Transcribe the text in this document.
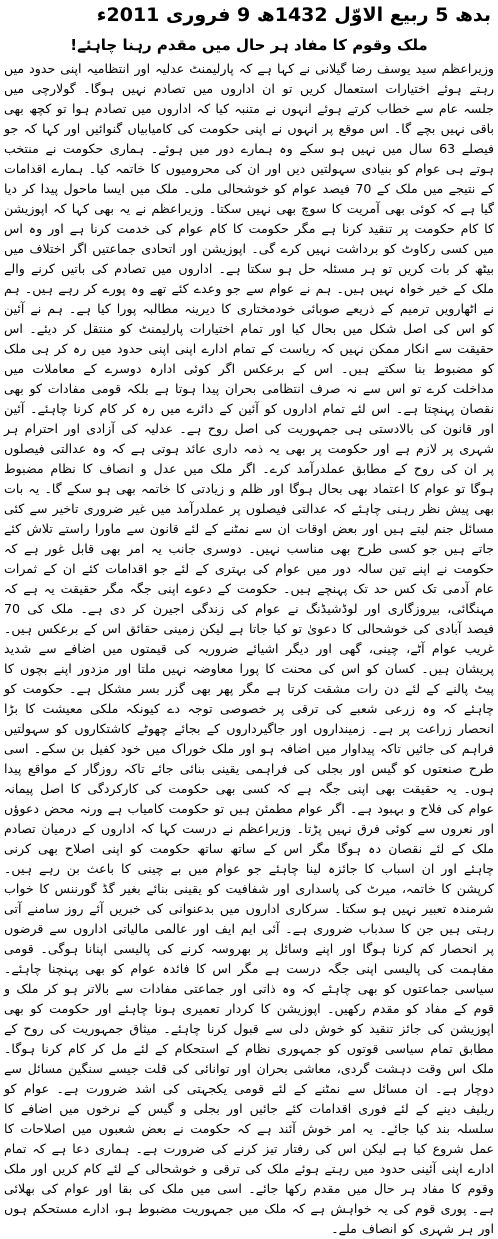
بدھ 5 ربیع الاوّل 1432ھ 9 فروری 2011ء
ملک وقوم کا مفاد ہر حال میں مقدم رہنا چاہئے!

وزیراعظم سید یوسف رضا گیلانی نے کہا ہے کہ پارلیمنٹ عدلیہ اور انتظامیہ اپنی حدود میں رہتے ہوئے اختیارات استعمال کریں تو ان اداروں میں تصادم نہیں ہوگا۔ گولارچی میں جلسہ عام سے خطاب کرتے ہوئے انہوں نے متنبہ کیا کہ اداروں میں تصادم ہوا تو کچھ بھی باقی نہیں بچے گا۔ اس موقع پر انہوں نے اپنی حکومت کی کامیابیاں گنوائیں اور کہا کہ جو فیصلے 63 سال میں نہیں ہو سکے وہ ہمارے دور میں ہوئے۔ ہماری حکومت نے منتخب ہوتے ہی عوام کو بنیادی سہولتیں دیں اور ان کی محرومیوں کا خاتمہ کیا۔ ہمارے اقدامات کے نتیجے میں ملک کے 70 فیصد عوام کو خوشحالی ملی۔ ملک میں ایسا ماحول پیدا کر دیا گیا ہے کہ کوئی بھی آمریت کا سوچ بھی نہیں سکتا۔ وزیراعظم نے یہ بھی کہا کہ اپوزیشن کا کام حکومت پر تنقید کرنا ہے مگر حکومت کا کام عوام کی خدمت کرنا ہے اور وہ اس میں کسی رکاوٹ کو برداشت نہیں کرے گی۔ اپوزیشن اور اتحادی جماعتیں اگر اختلاف میں بیٹھ کر بات کریں تو ہر مسئلہ حل ہو سکتا ہے۔ اداروں میں تصادم کی باتیں کرنے والے ملک کے خیر خواہ نہیں ہیں۔ ہم نے عوام سے جو وعدے کئے تھے وہ پورے کر رہے ہیں۔ ہم نے اٹھارویں ترمیم کے ذریعے صوبائی خودمختاری کا دیرینہ مطالبہ پورا کیا ہے۔ ہم نے آئین کو اس کی اصل شکل میں بحال کیا اور تمام اختیارات پارلیمنٹ کو منتقل کر دیئے۔ اس حقیقت سے انکار ممکن نہیں کہ ریاست کے تمام ادارے اپنی اپنی حدود میں رہ کر ہی ملک کو مضبوط بنا سکتے ہیں۔ اس کے برعکس اگر کوئی ادارہ دوسرے کے معاملات میں مداخلت کرے تو اس سے نہ صرف انتظامی بحران پیدا ہوتا ہے بلکہ قومی مفادات کو بھی نقصان پہنچتا ہے۔ اس لئے تمام اداروں کو آئین کے دائرے میں رہ کر کام کرنا چاہئے۔ آئین اور قانون کی بالادستی ہی جمہوریت کی اصل روح ہے۔ عدلیہ کی آزادی اور احترام ہر شہری پر لازم ہے اور حکومت پر بھی یہ ذمہ داری عائد ہوتی ہے کہ وہ عدالتی فیصلوں پر ان کی روح کے مطابق عملدرآمد کرے۔ اگر ملک میں عدل و انصاف کا نظام مضبوط ہوگا تو عوام کا اعتماد بھی بحال ہوگا اور ظلم و زیادتی کا خاتمہ بھی ہو سکے گا۔ یہ بات بھی پیش نظر رہنی چاہئے کہ عدالتی فیصلوں پر عملدرآمد میں غیر ضروری تاخیر سے کئی مسائل جنم لیتے ہیں اور بعض اوقات ان سے نمٹنے کے لئے قانون سے ماورا راستے تلاش کئے جاتے ہیں جو کسی طرح بھی مناسب نہیں۔ دوسری جانب یہ امر بھی قابل غور ہے کہ حکومت نے اپنے تین سالہ دور میں عوام کی بہتری کے لئے جو اقدامات کئے ان کے ثمرات عام آدمی تک کس حد تک پہنچے ہیں۔ حکومت کے دعوے اپنی جگہ مگر حقیقت یہ ہے کہ مہنگائی، بیروزگاری اور لوڈشیڈنگ نے عوام کی زندگی اجیرن کر دی ہے۔ ملک کی 70 فیصد آبادی کی خوشحالی کا دعویٰ تو کیا جاتا ہے لیکن زمینی حقائق اس کے برعکس ہیں۔ غریب عوام آٹے، چینی، گھی اور دیگر اشیائے ضروریہ کی قیمتوں میں اضافے سے شدید پریشان ہیں۔ کسان کو اس کی محنت کا پورا معاوضہ نہیں ملتا اور مزدور اپنے بچوں کا پیٹ پالنے کے لئے دن رات مشقت کرتا ہے مگر پھر بھی گزر بسر مشکل ہے۔ حکومت کو چاہئے کہ وہ زرعی شعبے کی ترقی پر خصوصی توجہ دے کیونکہ ملکی معیشت کا بڑا انحصار زراعت پر ہے۔ زمینداروں اور جاگیرداروں کے بجائے چھوٹے کاشتکاروں کو سہولتیں فراہم کی جائیں تاکہ پیداوار میں اضافہ ہو اور ملک خوراک میں خود کفیل بن سکے۔ اسی طرح صنعتوں کو گیس اور بجلی کی فراہمی یقینی بنائی جائے تاکہ روزگار کے مواقع پیدا ہوں۔ یہ حقیقت بھی اپنی جگہ ہے کہ کسی بھی حکومت کی کارکردگی کا اصل پیمانہ عوام کی فلاح و بہبود ہے۔ اگر عوام مطمئن ہیں تو حکومت کامیاب ہے ورنہ محض دعوؤں اور نعروں سے کوئی فرق نہیں پڑتا۔ وزیراعظم نے درست کہا کہ اداروں کے درمیان تصادم ملک کے لئے نقصان دہ ہوگا مگر اس کے ساتھ ساتھ حکومت کو اپنی اصلاح بھی کرنی چاہئے اور ان اسباب کا جائزہ لینا چاہئے جو عوام میں بے چینی کا باعث بن رہے ہیں۔ کرپشن کا خاتمہ، میرٹ کی پاسداری اور شفافیت کو یقینی بنائے بغیر گڈ گورننس کا خواب شرمندہ تعبیر نہیں ہو سکتا۔ سرکاری اداروں میں بدعنوانی کی خبریں آئے روز سامنے آتی رہتی ہیں جن کا سدباب ضروری ہے۔ آئی ایم ایف اور عالمی مالیاتی اداروں سے قرضوں پر انحصار کم کرنا ہوگا اور اپنے وسائل پر بھروسہ کرنے کی پالیسی اپنانا ہوگی۔ قومی مفاہمت کی پالیسی اپنی جگہ درست ہے مگر اس کا فائدہ عوام کو بھی پہنچنا چاہئے۔ سیاسی جماعتوں کو بھی چاہئے کہ وہ ذاتی اور جماعتی مفادات سے بالاتر ہو کر ملک و قوم کے مفاد کو مقدم رکھیں۔ اپوزیشن کا کردار تعمیری ہونا چاہئے اور حکومت کو بھی اپوزیشن کی جائز تنقید کو خوش دلی سے قبول کرنا چاہئے۔ میثاق جمہوریت کی روح کے مطابق تمام سیاسی قوتوں کو جمہوری نظام کے استحکام کے لئے مل کر کام کرنا ہوگا۔ ملک اس وقت دہشت گردی، معاشی بحران اور توانائی کی قلت جیسے سنگین مسائل سے دوچار ہے۔ ان مسائل سے نمٹنے کے لئے قومی یکجہتی کی اشد ضرورت ہے۔ عوام کو ریلیف دینے کے لئے فوری اقدامات کئے جائیں اور بجلی و گیس کے نرخوں میں اضافے کا سلسلہ بند کیا جائے۔ یہ امر خوش آئند ہے کہ حکومت نے بعض شعبوں میں اصلاحات کا عمل شروع کیا ہے لیکن اس کی رفتار تیز کرنے کی ضرورت ہے۔ ہماری دعا ہے کہ تمام ادارے اپنی آئینی حدود میں رہتے ہوئے ملک کی ترقی و خوشحالی کے لئے کام کریں اور ملک وقوم کا مفاد ہر حال میں مقدم رکھا جائے۔ اسی میں ملک کی بقا اور عوام کی بھلائی ہے۔ پوری قوم کی یہ خواہش ہے کہ ملک میں جمہوریت مضبوط ہو، ادارے مستحکم ہوں اور ہر شہری کو انصاف ملے۔
